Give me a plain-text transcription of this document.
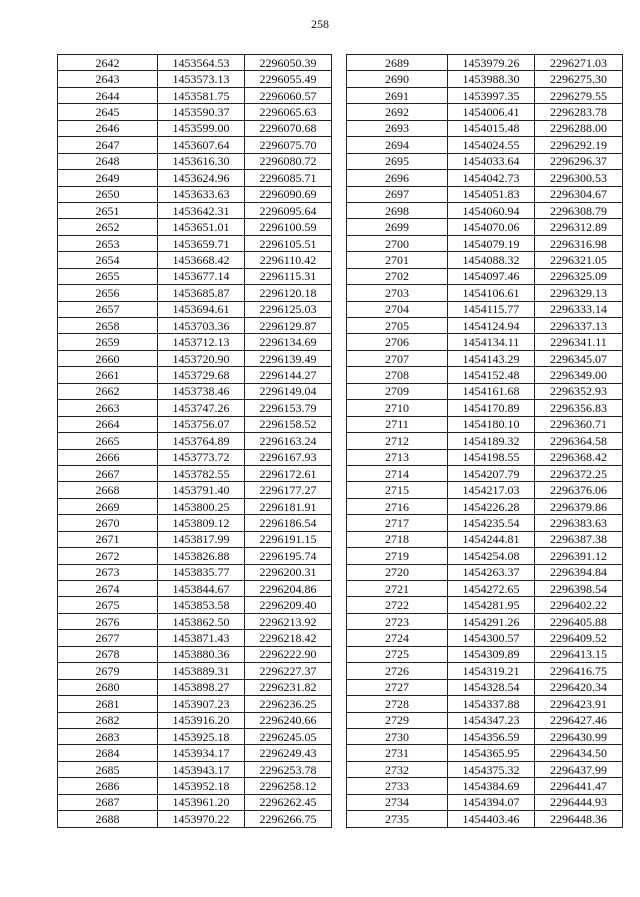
258
2642	1453564.53	2296050.39
2643	1453573.13	2296055.49
2644	1453581.75	2296060.57
2645	1453590.37	2296065.63
2646	1453599.00	2296070.68
2647	1453607.64	2296075.70
2648	1453616.30	2296080.72
2649	1453624.96	2296085.71
2650	1453633.63	2296090.69
2651	1453642.31	2296095.64
2652	1453651.01	2296100.59
2653	1453659.71	2296105.51
2654	1453668.42	2296110.42
2655	1453677.14	2296115.31
2656	1453685.87	2296120.18
2657	1453694.61	2296125.03
2658	1453703.36	2296129.87
2659	1453712.13	2296134.69
2660	1453720.90	2296139.49
2661	1453729.68	2296144.27
2662	1453738.46	2296149.04
2663	1453747.26	2296153.79
2664	1453756.07	2296158.52
2665	1453764.89	2296163.24
2666	1453773.72	2296167.93
2667	1453782.55	2296172.61
2668	1453791.40	2296177.27
2669	1453800.25	2296181.91
2670	1453809.12	2296186.54
2671	1453817.99	2296191.15
2672	1453826.88	2296195.74
2673	1453835.77	2296200.31
2674	1453844.67	2296204.86
2675	1453853.58	2296209.40
2676	1453862.50	2296213.92
2677	1453871.43	2296218.42
2678	1453880.36	2296222.90
2679	1453889.31	2296227.37
2680	1453898.27	2296231.82
2681	1453907.23	2296236.25
2682	1453916.20	2296240.66
2683	1453925.18	2296245.05
2684	1453934.17	2296249.43
2685	1453943.17	2296253.78
2686	1453952.18	2296258.12
2687	1453961.20	2296262.45
2688	1453970.22	2296266.75
2689	1453979.26	2296271.03
2690	1453988.30	2296275.30
2691	1453997.35	2296279.55
2692	1454006.41	2296283.78
2693	1454015.48	2296288.00
2694	1454024.55	2296292.19
2695	1454033.64	2296296.37
2696	1454042.73	2296300.53
2697	1454051.83	2296304.67
2698	1454060.94	2296308.79
2699	1454070.06	2296312.89
2700	1454079.19	2296316.98
2701	1454088.32	2296321.05
2702	1454097.46	2296325.09
2703	1454106.61	2296329.13
2704	1454115.77	2296333.14
2705	1454124.94	2296337.13
2706	1454134.11	2296341.11
2707	1454143.29	2296345.07
2708	1454152.48	2296349.00
2709	1454161.68	2296352.93
2710	1454170.89	2296356.83
2711	1454180.10	2296360.71
2712	1454189.32	2296364.58
2713	1454198.55	2296368.42
2714	1454207.79	2296372.25
2715	1454217.03	2296376.06
2716	1454226.28	2296379.86
2717	1454235.54	2296383.63
2718	1454244.81	2296387.38
2719	1454254.08	2296391.12
2720	1454263.37	2296394.84
2721	1454272.65	2296398.54
2722	1454281.95	2296402.22
2723	1454291.26	2296405.88
2724	1454300.57	2296409.52
2725	1454309.89	2296413.15
2726	1454319.21	2296416.75
2727	1454328.54	2296420.34
2728	1454337.88	2296423.91
2729	1454347.23	2296427.46
2730	1454356.59	2296430.99
2731	1454365.95	2296434.50
2732	1454375.32	2296437.99
2733	1454384.69	2296441.47
2734	1454394.07	2296444.93
2735	1454403.46	2296448.36
